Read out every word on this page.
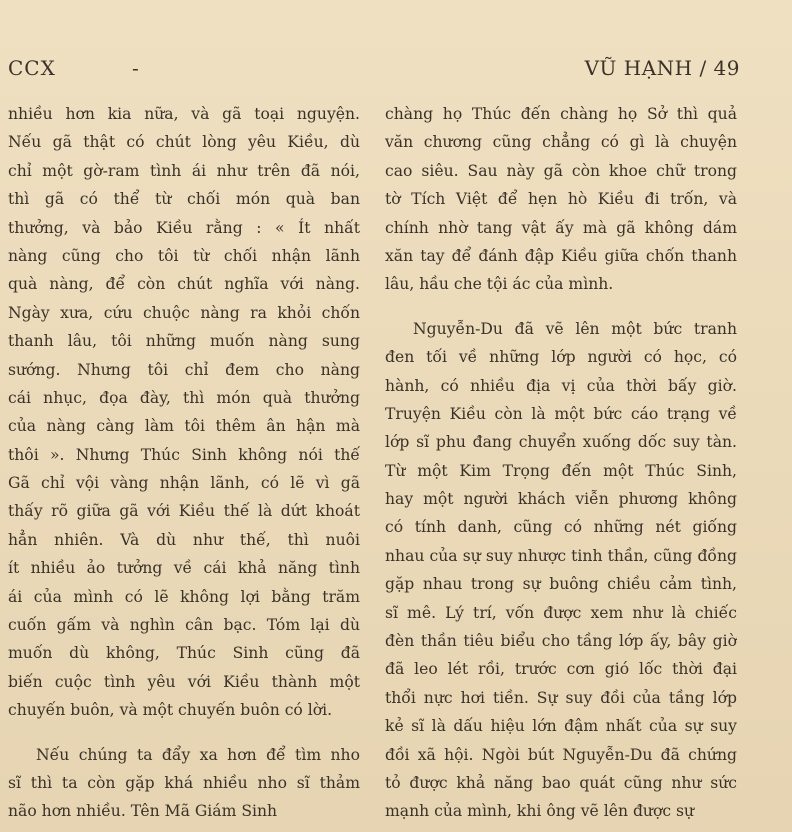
CCX	-	VŨ HẠNH / 49
nhiều hơn kia nữa, và gã toại nguyện.
Nếu gã thật có chút lòng yêu Kiều, dù
chỉ một gờ-ram tình ái như trên đã nói,
thì gã có thể từ chối món quà ban
thưởng, và bảo Kiều rằng : « Ít nhất
nàng cũng cho tôi từ chối nhận lãnh
quà nàng, để còn chút nghĩa với nàng.
Ngày xưa, cứu chuộc nàng ra khỏi chốn
thanh lâu, tôi những muốn nàng sung
sướng. Nhưng tôi chỉ đem cho nàng
cái nhục, đọa đày, thì món quà thưởng
của nàng càng làm tôi thêm ân hận mà
thôi ». Nhưng Thúc Sinh không nói thế
Gã chỉ vội vàng nhận lãnh, có lẽ vì gã
thấy rõ giữa gã với Kiều thế là dứt khoát
hẳn nhiên. Và dù như thế, thì nuôi
ít nhiều ảo tưởng về cái khả năng tình
ái của mình có lẽ không lợi bằng trăm
cuốn gấm và nghìn cân bạc. Tóm lại dù
muốn dù không, Thúc Sinh cũng đã
biến cuộc tình yêu với Kiều thành một
chuyến buôn, và một chuyến buôn có lời.
Nếu chúng ta đẩy xa hơn để tìm nho
sĩ thì ta còn gặp khá nhiều nho sĩ thảm
não hơn nhiều. Tên Mã Giám Sinh
chàng họ Thúc đến chàng họ Sở thì quả
văn chương cũng chẳng có gì là chuyện
cao siêu. Sau này gã còn khoe chữ trong
tờ Tích Việt để hẹn hò Kiều đi trốn, và
chính nhờ tang vật ấy mà gã không dám
xăn tay để đánh đập Kiều giữa chốn thanh
lâu, hầu che tội ác của mình.
Nguyễn-Du đã vẽ lên một bức tranh
đen tối về những lớp người có học, có
hành, có nhiều địa vị của thời bấy giờ.
Truyện Kiều còn là một bức cáo trạng về
lớp sĩ phu đang chuyển xuống dốc suy tàn.
Từ một Kim Trọng đến một Thúc Sinh,
hay một người khách viễn phương không
có tính danh, cũng có những nét giống
nhau của sự suy nhược tinh thần, cũng đồng
gặp nhau trong sự buông chiều cảm tình,
sĩ mê. Lý trí, vốn được xem như là chiếc
đèn thần tiêu biểu cho tầng lớp ấy, bây giờ
đã leo lét rồi, trước cơn gió lốc thời đại
thổi nực hơi tiền. Sự suy đồi của tầng lớp
kẻ sĩ là dấu hiệu lớn đậm nhất của sự suy
đồi xã hội. Ngòi bút Nguyễn-Du đã chứng
tỏ được khả năng bao quát cũng như sức
mạnh của mình, khi ông vẽ lên được sự
